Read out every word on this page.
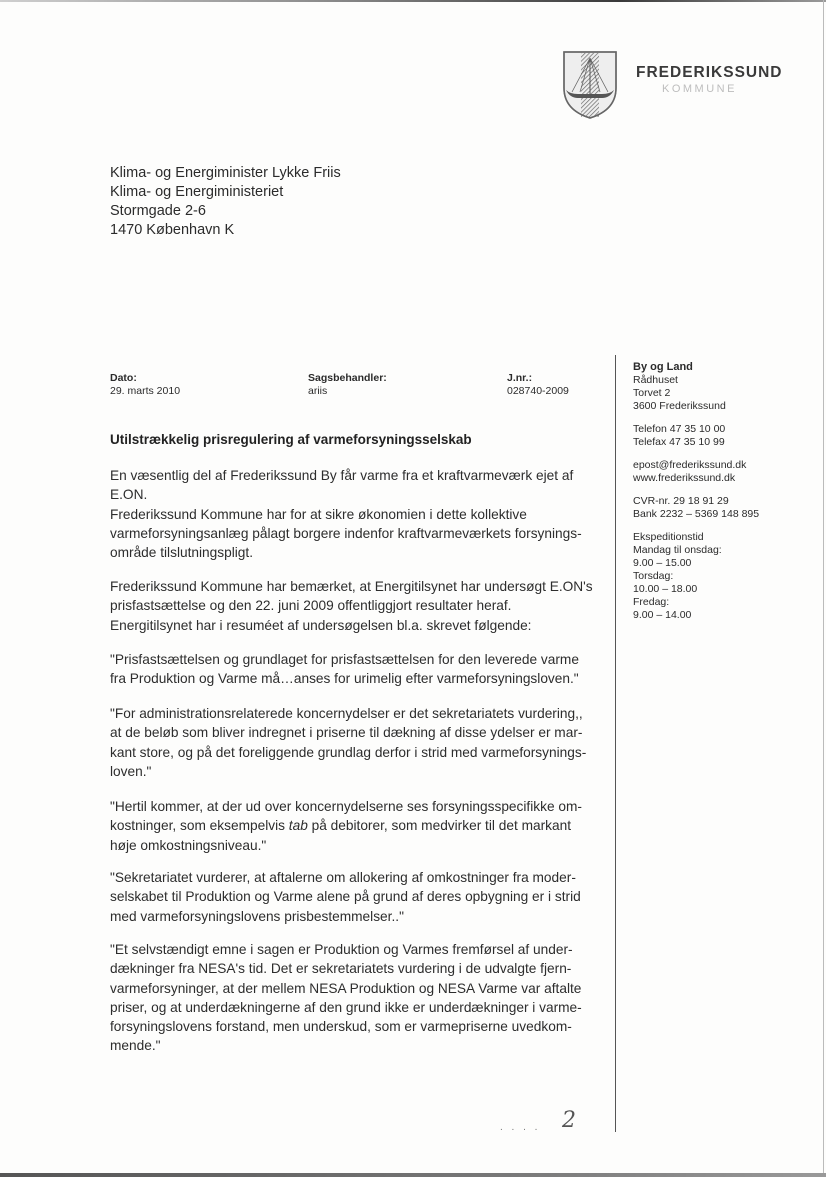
FREDERIKSSUND
KOMMUNE
Klima- og Energiminister Lykke Friis
Klima- og Energiministeriet
Stormgade 2-6
1470 København K
Dato:
29. marts 2010
Sagsbehandler:
ariis
J.nr.:
028740-2009
Utilstrækkelig prisregulering af varmeforsyningsselskab

En væsentlig del af Frederikssund By får varme fra et kraftvarmeværk ejet af

E.ON.

Frederikssund Kommune har for at sikre økonomien i dette kollektive

varmeforsyningsanlæg pålagt borgere indenfor kraftvarmeværkets forsynings-

område tilslutningspligt.

Frederikssund Kommune har bemærket, at Energitilsynet har undersøgt E.ON's

prisfastsættelse og den 22. juni 2009 offentliggjort resultater heraf.

Energitilsynet har i resuméet af undersøgelsen bl.a. skrevet følgende:

"Prisfastsættelsen og grundlaget for prisfastsættelsen for den leverede varme

fra Produktion og Varme må…anses for urimelig efter varmeforsyningsloven."

"For administrationsrelaterede koncernydelser er det sekretariatets vurdering,,

at de beløb som bliver indregnet i priserne til dækning af disse ydelser er mar-

kant store, og på det foreliggende grundlag derfor i strid med varmeforsynings-

loven."

"Hertil kommer, at der ud over koncernydelserne ses forsyningsspecifikke om-

kostninger, som eksempelvis tab på debitorer, som medvirker til det markant

høje omkostningsniveau."

"Sekretariatet vurderer, at aftalerne om allokering af omkostninger fra moder-

selskabet til Produktion og Varme alene på grund af deres opbygning er i strid

med varmeforsyningslovens prisbestemmelser.."

"Et selvstændigt emne i sagen er Produktion og Varmes fremførsel af under-

dækninger fra NESA's tid. Det er sekretariatets vurdering i de udvalgte fjern-

varmeforsyninger, at der mellem NESA Produktion og NESA Varme var aftalte

priser, og at underdækningerne af den grund ikke er underdækninger i varme-

forsyningslovens forstand, men underskud, som er varmepriserne uvedkom-

mende."

By og Land
Rådhuset
Torvet 2
3600 Frederikssund
Telefon 47 35 10 00
Telefax 47 35 10 99
epost@frederikssund.dk
www.frederikssund.dk
CVR-nr. 29 18 91 29
Bank 2232 – 5369 148 895
Ekspeditionstid
Mandag til onsdag:
9.00 – 15.00
Torsdag:
10.00 – 18.00
Fredag:
9.00 – 14.00
. . . . 2
